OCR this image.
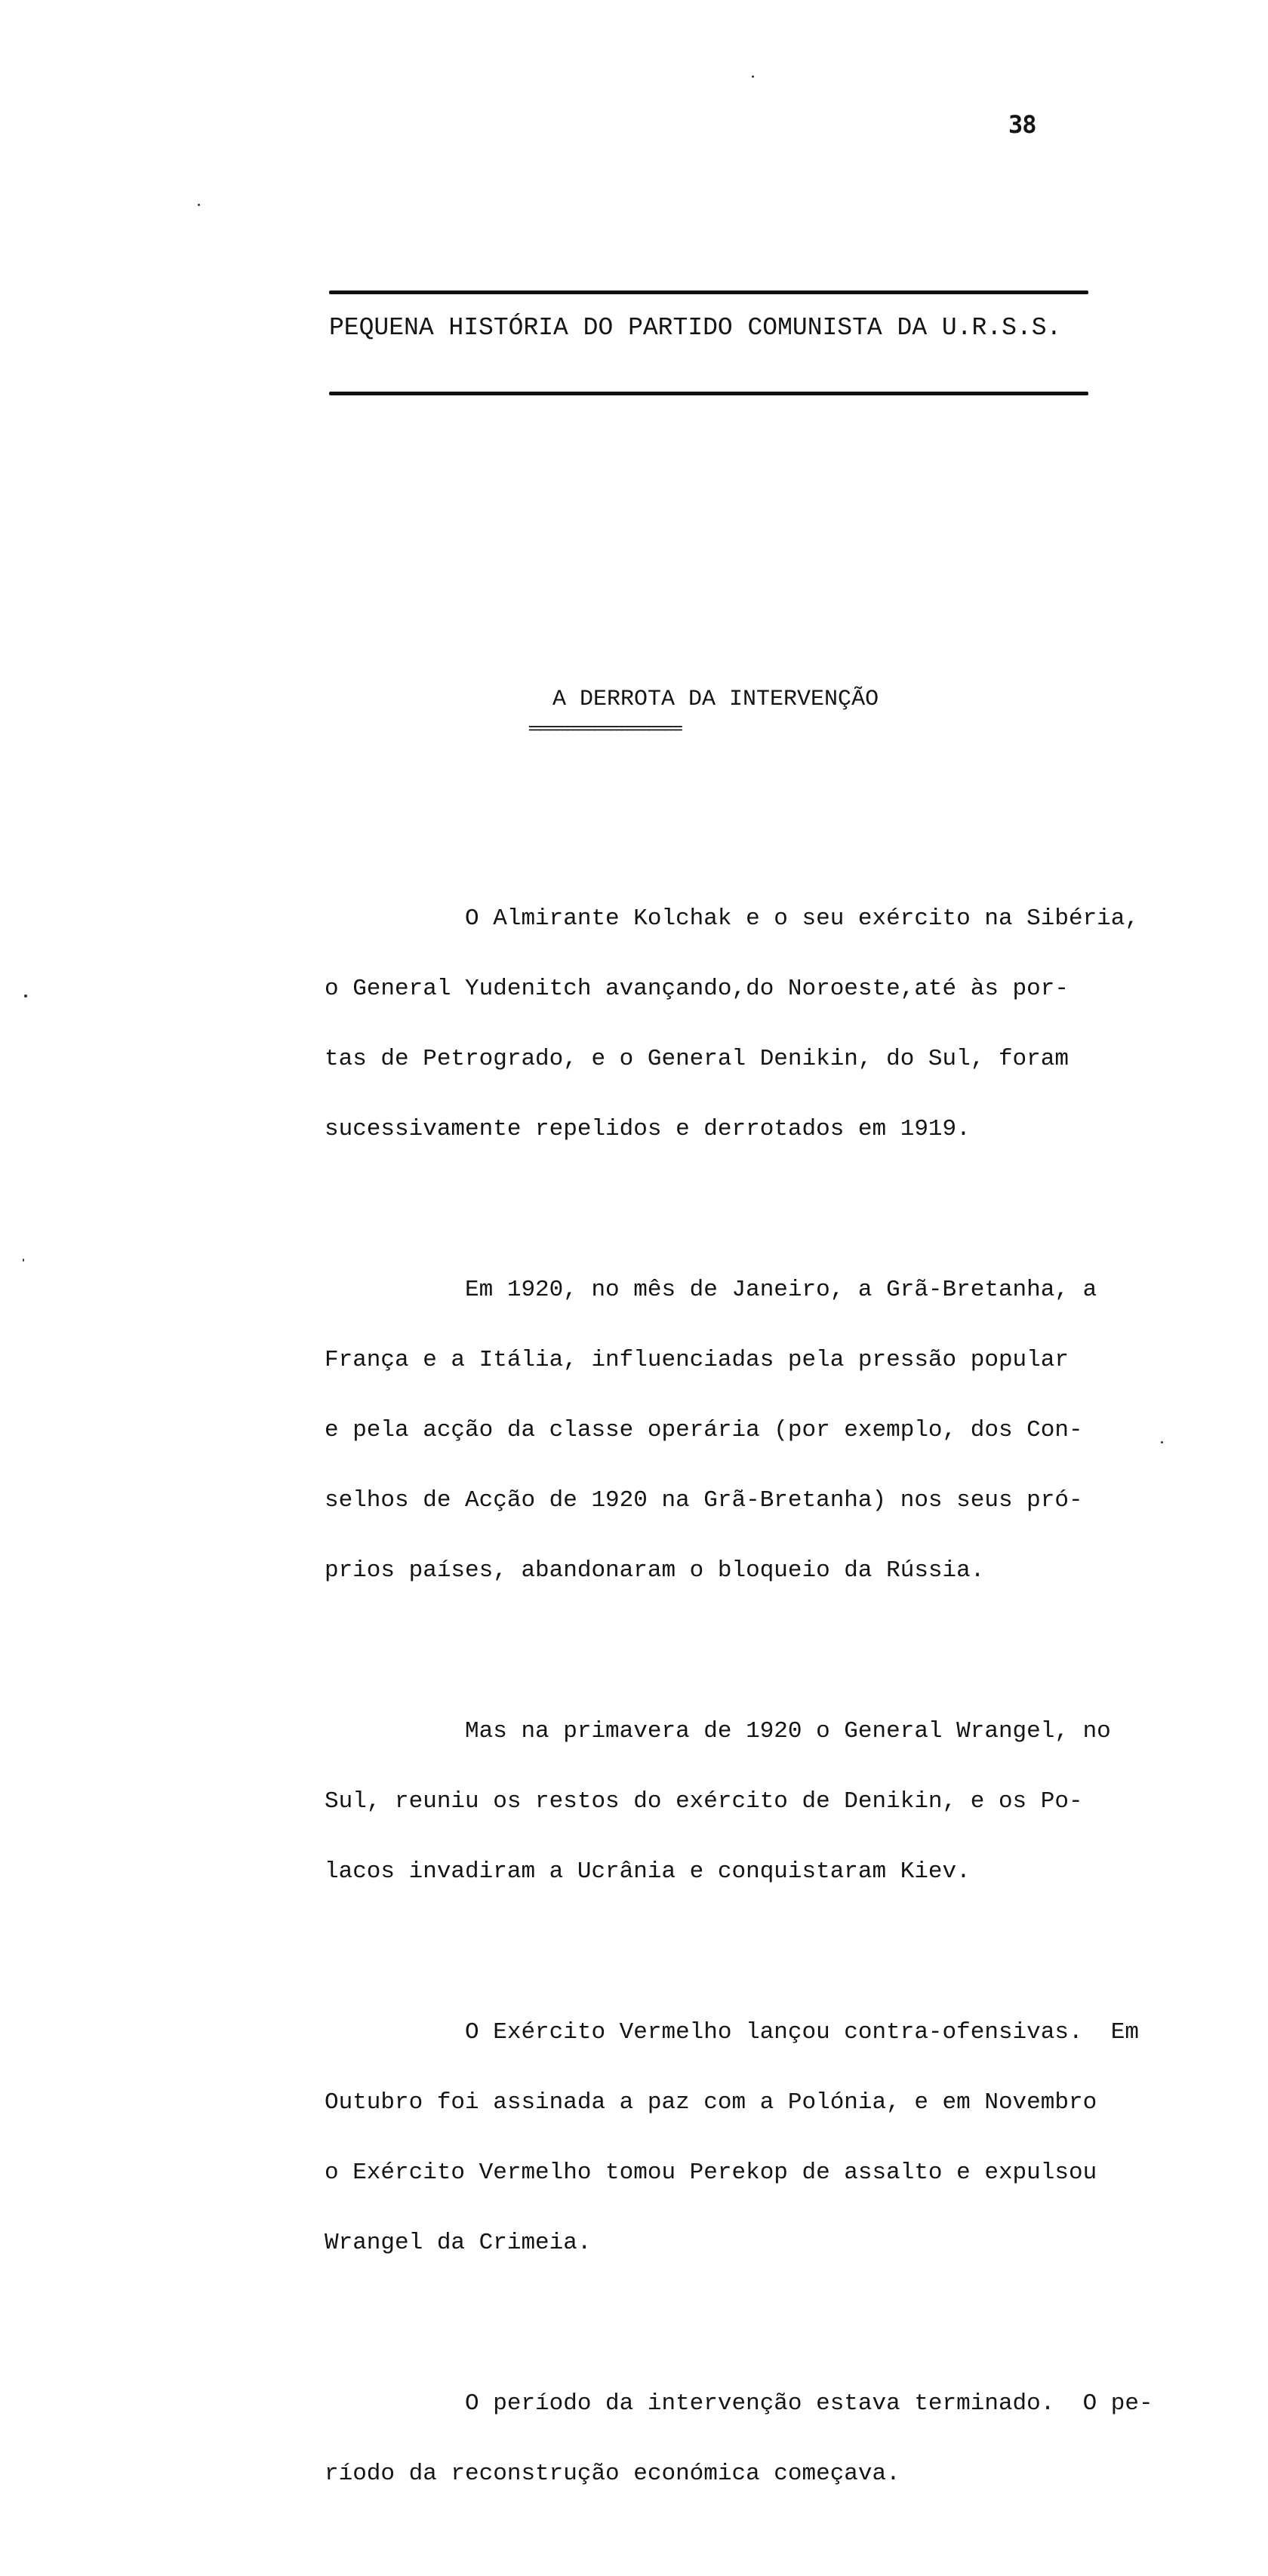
38
PEQUENA HISTÓRIA DO PARTIDO COMUNISTA DA U.R.S.S.
A DERROTA DA INTERVENÇÃO
============================

O Almirante Kolchak e o seu exército na Sibéria,

o General Yudenitch avançando,do Noroeste,até às por-

tas de Petrogrado, e o General Denikin, do Sul, foram

sucessivamente repelidos e derrotados em 1919.

Em 1920, no mês de Janeiro, a Grã-Bretanha, a

França e a Itália, influenciadas pela pressão popular

e pela acção da classe operária (por exemplo, dos Con-

selhos de Acção de 1920 na Grã-Bretanha) nos seus pró-

prios países, abandonaram o bloqueio da Rússia.

Mas na primavera de 1920 o General Wrangel, no

Sul, reuniu os restos do exército de Denikin, e os Po-

lacos invadiram a Ucrânia e conquistaram Kiev.

O Exército Vermelho lançou contra-ofensivas.  Em

Outubro foi assinada a paz com a Polónia, e em Novembro

o Exército Vermelho tomou Perekop de assalto e expulsou

Wrangel da Crimeia.

O período da intervenção estava terminado.  O pe-

ríodo da reconstrução económica começava.
